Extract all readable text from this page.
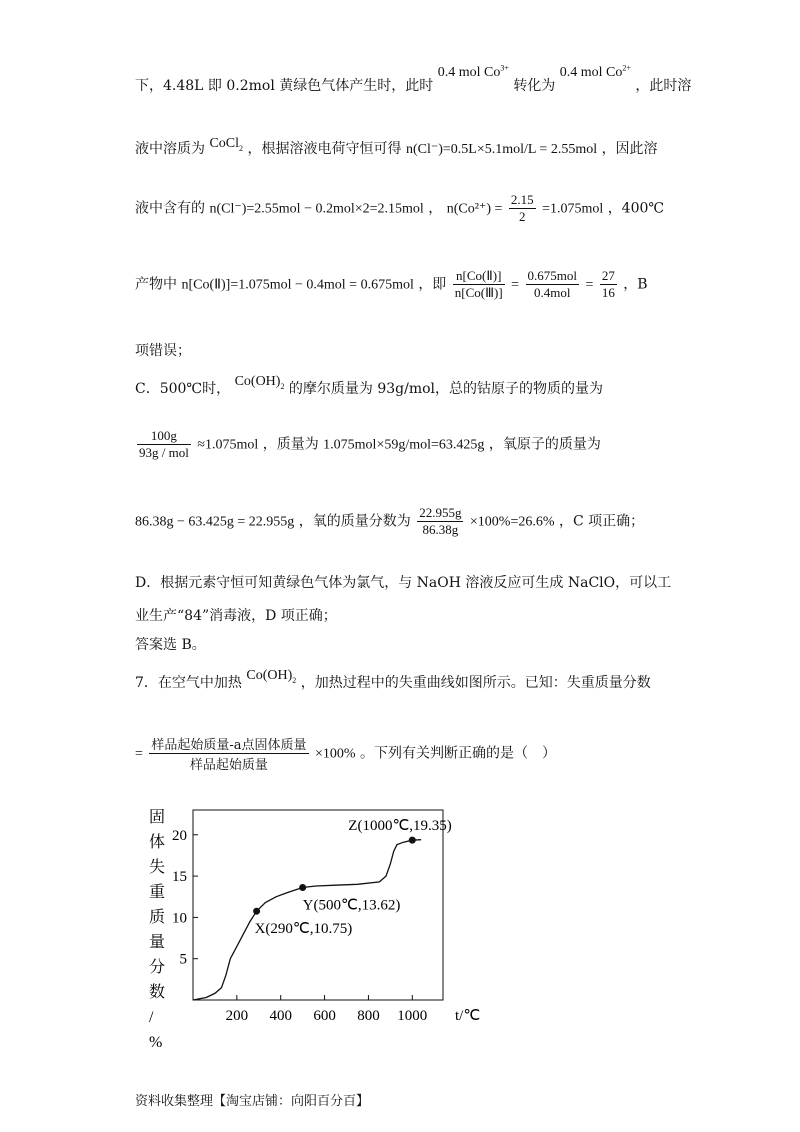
下，4.48L 即 0.2mol 黄绿色气体产生时，此时 0.4 mol $Co^{3+}$ 转化为 0.4 mol $Co^{2+}$ ，此时溶
液中溶质为 CoCl$_2$ ，根据溶液电荷守恒可得 n(Cl⁻)=0.5L×5.1mol/L = 2.55mol ，因此溶
液中含有的 n(Cl⁻)=2.55mol − 0.2mol×2=2.15mol ， $n(Co^{2+}) = \frac{2.15}{2} =1.075mol$ ，400℃
产物中 n[Co(Ⅱ)]=1.075mol − 0.4mol = 0.675mol ，即 $\frac{\text{n[Co(Ⅱ)]}}{\text{n[Co(Ⅲ)]}} = \frac{\text{0.675mol}}{\text{0.4mol}} = \frac{27}{16}$ ，B
项错误；
C．500℃时， $Co(OH)_2$ 的摩尔质量为 93g/mol，总的钴原子的物质的量为
$\frac{100g}{\text{93g / mol}} \approx 1.075mol$ ，质量为 1.075mol×59g/mol=63.425g ，氧原子的质量为
86.38g − 63.425g = 22.955g ，氧的质量分数为 $\frac{22.955g}{86.38g} \times 100\%=26.6\%$ ，C 项正确；
D．根据元素守恒可知黄绿色气体为氯气，与 NaOH 溶液反应可生成 NaClO，可以工
业生产“84”消毒液，D 项正确；
答案选 B。
7．在空气中加热 $Co(OH)_2$ ，加热过程中的失重曲线如图所示。已知：失重质量分数
= $\frac{\text{样品起始质量-a点固体质量}}{\text{样品起始质量}} \times 100\%$ 。下列有关判断正确的是（　）
固
体
失
重
质
量
分
数
/
%
200 400 600 800 1000
5
10
15
20
X(290℃,10.75)
Y(500℃,13.62)
Z(1000℃,19.35)
t/℃
资料收集整理【淘宝店铺：向阳百分百】
